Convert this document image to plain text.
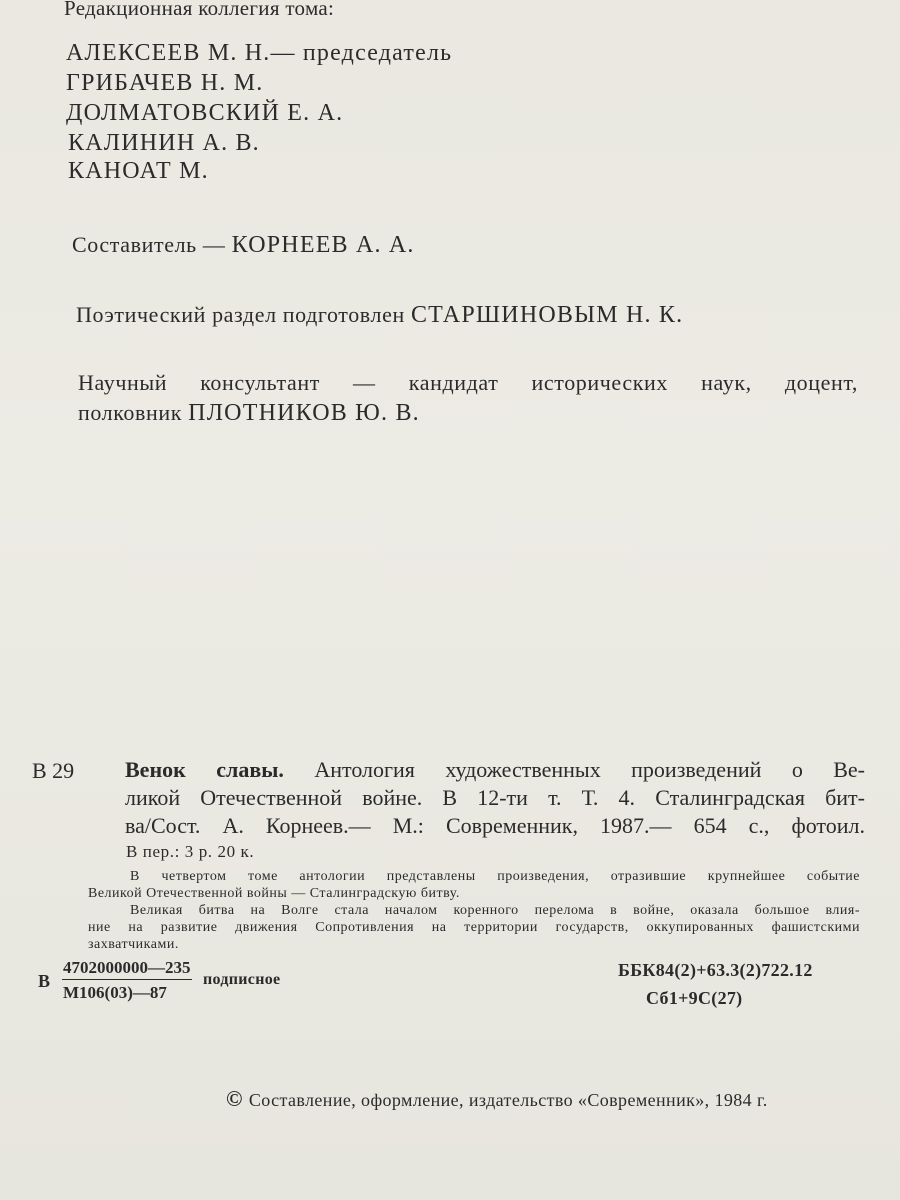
Редакционная коллегия тома:
АЛЕКСЕЕВ М. Н.— председатель
ГРИБАЧЕВ Н. М.
ДОЛМАТОВСКИЙ Е. А.
КАЛИНИН А. В.
КАНОАТ М.
Составитель — КОРНЕЕВ А. А.
Поэтический раздел подготовлен СТАРШИНОВЫМ Н. К.
Научный консультант — кандидат исторических наук, доцент,
полковник ПЛОТНИКОВ Ю. В.
В 29 Венок славы. Антология художественных произведений о Ве-
ликой Отечественной войне. В 12-ти т. Т. 4. Сталинградская бит-
ва/Сост. А. Корнеев.— М.: Современник, 1987.— 654 с., фотоил.
В пер.: 3 р. 20 к.
В четвертом томе антологии представлены произведения, отразившие крупнейшее событие
Великой Отечественной войны — Сталинградскую битву.
Великая битва на Волге стала началом коренного перелома в войне, оказала большое влия-
ние на развитие движения Сопротивления на территории государств, оккупированных фашистскими
захватчиками.
В
4702000000—235
М106(03)—87
подписное	ББК84(2)+63.3(2)722.12
Сб1+9С(27)
© Составление, оформление, издательство «Современник», 1984 г.
